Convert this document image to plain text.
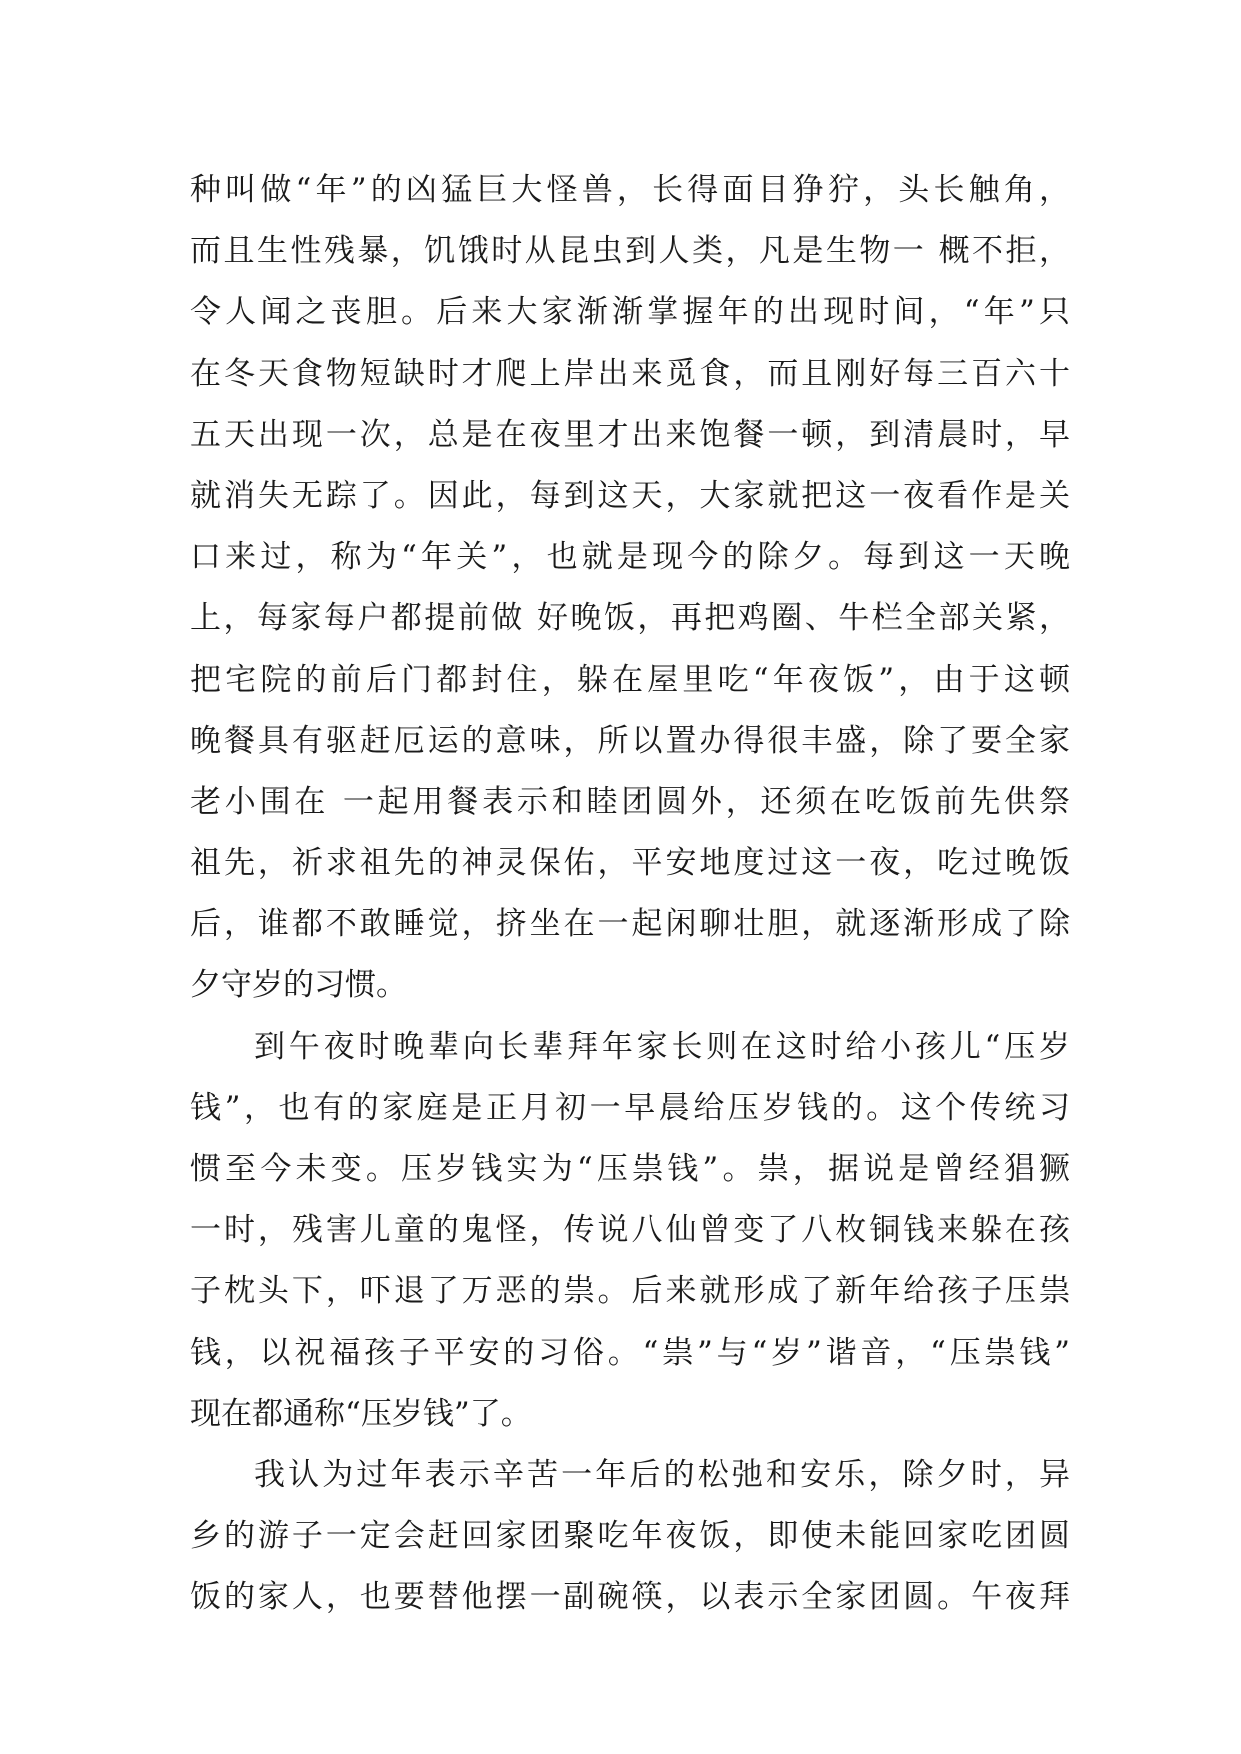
种叫做“年”的凶猛巨大怪兽，长得面目狰狞，头长触角，
而且生性残暴，饥饿时从昆虫到人类，凡是生物一 概不拒，
令人闻之丧胆。后来大家渐渐掌握年的出现时间，“年”只
在冬天食物短缺时才爬上岸出来觅食，而且刚好每三百六十
五天出现一次，总是在夜里才出来饱餐一顿，到清晨时，早
就消失无踪了。因此，每到这天，大家就把这一夜看作是关
口来过，称为“年关”，也就是现今的除夕。每到这一天晚
上，每家每户都提前做 好晚饭，再把鸡圈、牛栏全部关紧，
把宅院的前后门都封住，躲在屋里吃“年夜饭”，由于这顿
晚餐具有驱赶厄运的意味，所以置办得很丰盛，除了要全家
老小围在 一起用餐表示和睦团圆外，还须在吃饭前先供祭
祖先，祈求祖先的神灵保佑，平安地度过这一夜，吃过晚饭
后，谁都不敢睡觉，挤坐在一起闲聊壮胆，就逐渐形成了除
夕守岁的习惯。
到午夜时晚辈向长辈拜年家长则在这时给小孩儿“压岁
钱”，也有的家庭是正月初一早晨给压岁钱的。这个传统习
惯至今未变。压岁钱实为“压祟钱”。祟，据说是曾经猖獗
一时，残害儿童的鬼怪，传说八仙曾变了八枚铜钱来躲在孩
子枕头下，吓退了万恶的祟。后来就形成了新年给孩子压祟
钱，以祝福孩子平安的习俗。“祟”与“岁”谐音，“压祟钱”
现在都通称“压岁钱”了。
我认为过年表示辛苦一年后的松弛和安乐，除夕时，异
乡的游子一定会赶回家团聚吃年夜饭，即使未能回家吃团圆
饭的家人，也要替他摆一副碗筷，以表示全家团圆。午夜拜
